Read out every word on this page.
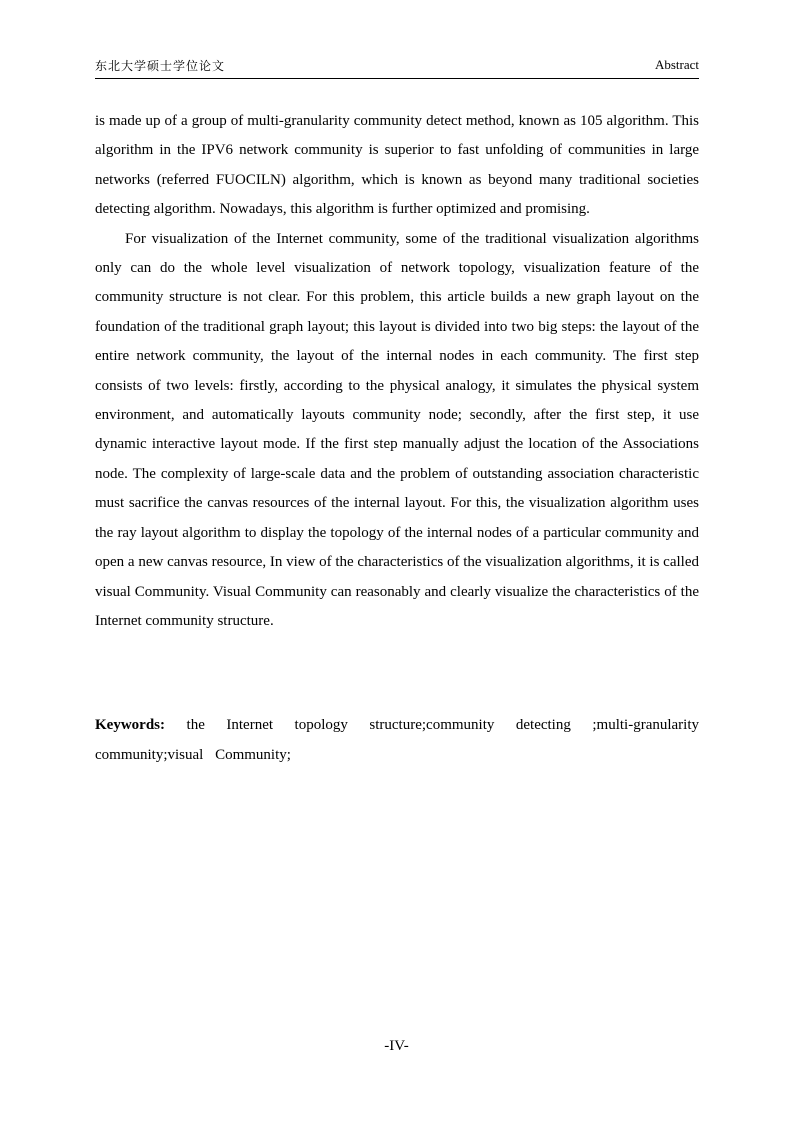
东北大学硕士学位论文	Abstract

is made up of a group of multi-granularity community detect method, known as 105 algorithm. This algorithm in the IPV6 network community is superior to fast unfolding of communities in large networks (referred FUOCILN) algorithm, which is known as beyond many traditional societies detecting algorithm. Nowadays, this algorithm is further optimized and promising.

For visualization of the Internet community, some of the traditional visualization algorithms only can do the whole level visualization of network topology, visualization feature of the community structure is not clear. For this problem, this article builds a new graph layout on the foundation of the traditional graph layout; this layout is divided into two big steps: the layout of the entire network community, the layout of the internal nodes in each community. The first step consists of two levels: firstly, according to the physical analogy, it simulates the physical system environment, and automatically layouts community node; secondly, after the first step, it use dynamic interactive layout mode. If the first step manually adjust the location of the Associations node. The complexity of large-scale data and the problem of outstanding association characteristic must sacrifice the canvas resources of the internal layout. For this, the visualization algorithm uses the ray layout algorithm to display the topology of the internal nodes of a particular community and open a new canvas resource, In view of the characteristics of the visualization algorithms, it is called visual Community. Visual Community can reasonably and clearly visualize the characteristics of the Internet community structure.

Keywords: the Internet topology structure;community detecting ;multi-granularity community;visual Community;
-IV-
